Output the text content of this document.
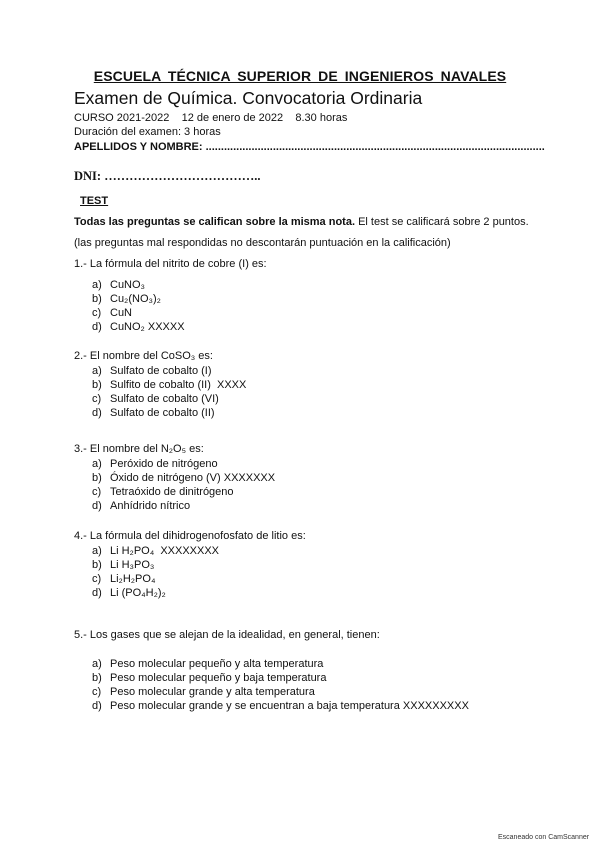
ESCUELA TÉCNICA SUPERIOR DE INGENIEROS NAVALES
Examen de Química. Convocatoria Ordinaria
CURSO 2021-2022    12 de enero de 2022    8.30 horas
Duración del examen: 3 horas
APELLIDOS Y NOMBRE: ...............................................................................................................
DNI: ………………………………..
TEST
Todas las preguntas se califican sobre la misma nota. El test se calificará sobre 2 puntos.
(las preguntas mal respondidas no descontarán puntuación en la calificación)
1.- La fórmula del nitrito de cobre (I) es:
a) CuNO₃
b) Cu₂(NO₃)₂
c) CuN
d) CuNO₂ XXXXX
2.- El nombre del CoSO₃ es:
a) Sulfato de cobalto (I)
b) Sulfito de cobalto (II)  XXXX
c) Sulfato de cobalto (VI)
d) Sulfato de cobalto (II)
3.- El nombre del N₂O₅ es:
a) Peróxido de nitrógeno
b) Óxido de nitrógeno (V) XXXXXXX
c) Tetraóxido de dinitrógeno
d) Anhídrido nítrico
4.- La fórmula del dihidrogenofosfato de litio es:
a) Li H₂PO₄  XXXXXXXX
b) Li H₃PO₃
c) Li₂H₂PO₄
d) Li (PO₄H₂)₂
5.- Los gases que se alejan de la idealidad, en general, tienen:
a) Peso molecular pequeño y alta temperatura
b) Peso molecular pequeño y baja temperatura
c) Peso molecular grande y alta temperatura
d) Peso molecular grande y se encuentran a baja temperatura XXXXXXXXX
Escaneado con CamScanner
